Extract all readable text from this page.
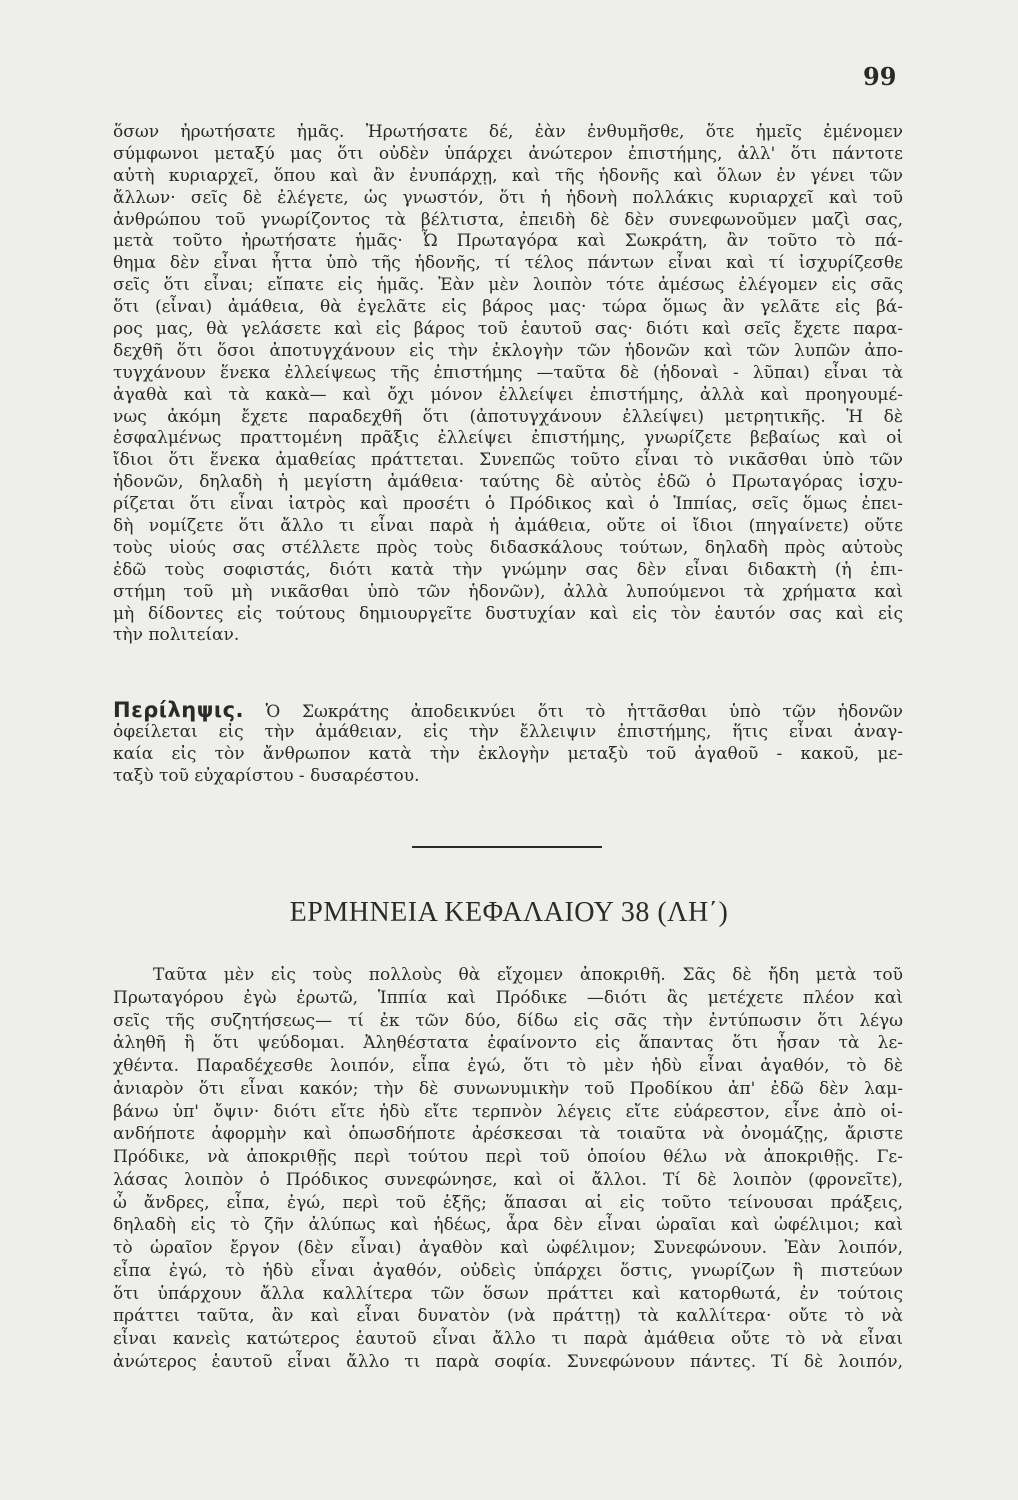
99
ὅσων ἠρωτήσατε ἡμᾶς. Ἠρωτήσατε δέ, ἐὰν ἐνθυμῆσθε, ὅτε ἡμεῖς ἐμένομεν
σύμφωνοι μεταξύ μας ὅτι οὐδὲν ὑπάρχει ἀνώτερον ἐπιστήμης, ἀλλ' ὅτι πάντοτε
αὐτὴ κυριαρχεῖ, ὅπου καὶ ἂν ἐνυπάρχῃ, καὶ τῆς ἡδονῆς καὶ ὅλων ἐν γένει τῶν
ἄλλων· σεῖς δὲ ἐλέγετε, ὡς γνωστόν, ὅτι ἡ ἡδονὴ πολλάκις κυριαρχεῖ καὶ τοῦ
ἀνθρώπου τοῦ γνωρίζοντος τὰ βέλτιστα, ἐπειδὴ δὲ δὲν συνεφωνοῦμεν μαζὶ σας,
μετὰ τοῦτο ἠρωτήσατε ἡμᾶς· Ὦ Πρωταγόρα καὶ Σωκράτη, ἂν τοῦτο τὸ πά-
θημα δὲν εἶναι ἧττα ὑπὸ τῆς ἡδονῆς, τί τέλος πάντων εἶναι καὶ τί ἰσχυρίζεσθε
σεῖς ὅτι εἶναι; εἴπατε εἰς ἡμᾶς. Ἐὰν μὲν λοιπὸν τότε ἀμέσως ἐλέγομεν εἰς σᾶς
ὅτι (εἶναι) ἀμάθεια, θὰ ἐγελᾶτε εἰς βάρος μας· τώρα ὅμως ἂν γελᾶτε εἰς βά-
ρος μας, θὰ γελάσετε καὶ εἰς βάρος τοῦ ἑαυτοῦ σας· διότι καὶ σεῖς ἔχετε παρα-
δεχθῆ ὅτι ὅσοι ἀποτυγχάνουν εἰς τὴν ἐκλογὴν τῶν ἡδονῶν καὶ τῶν λυπῶν ἀπο-
τυγχάνουν ἕνεκα ἐλλείψεως τῆς ἐπιστήμης —ταῦτα δὲ (ἡδοναὶ - λῦπαι) εἶναι τὰ
ἀγαθὰ καὶ τὰ κακὰ— καὶ ὄχι μόνον ἐλλείψει ἐπιστήμης, ἀλλὰ καὶ προηγουμέ-
νως ἀκόμη ἔχετε παραδεχθῆ ὅτι (ἀποτυγχάνουν ἐλλείψει) μετρητικῆς. Ἡ δὲ
ἐσφαλμένως πραττομένη πρᾶξις ἐλλείψει ἐπιστήμης, γνωρίζετε βεβαίως καὶ οἱ
ἴδιοι ὅτι ἕνεκα ἀμαθείας πράττεται. Συνεπῶς τοῦτο εἶναι τὸ νικᾶσθαι ὑπὸ τῶν
ἡδονῶν, δηλαδὴ ἡ μεγίστη ἀμάθεια· ταύτης δὲ αὐτὸς ἐδῶ ὁ Πρωταγόρας ἰσχυ-
ρίζεται ὅτι εἶναι ἰατρὸς καὶ προσέτι ὁ Πρόδικος καὶ ὁ Ἱππίας, σεῖς ὅμως ἐπει-
δὴ νομίζετε ὅτι ἄλλο τι εἶναι παρὰ ἡ ἀμάθεια, οὔτε οἱ ἴδιοι (πηγαίνετε) οὔτε
τοὺς υἱούς σας στέλλετε πρὸς τοὺς διδασκάλους τούτων, δηλαδὴ πρὸς αὐτοὺς
ἐδῶ τοὺς σοφιστάς, διότι κατὰ τὴν γνώμην σας δὲν εἶναι διδακτὴ (ἡ ἐπι-
στήμη τοῦ μὴ νικᾶσθαι ὑπὸ τῶν ἡδονῶν), ἀλλὰ λυπούμενοι τὰ χρήματα καὶ
μὴ δίδοντες εἰς τούτους δημιουργεῖτε δυστυχίαν καὶ εἰς τὸν ἑαυτόν σας καὶ εἰς
τὴν πολιτείαν.
Περίληψις. Ὁ Σωκράτης ἀποδεικνύει ὅτι τὸ ἡττᾶσθαι ὑπὸ τῶν ἡδονῶν
ὀφείλεται εἰς τὴν ἀμάθειαν, εἰς τὴν ἔλλειψιν ἐπιστήμης, ἥτις εἶναι ἀναγ-
καία εἰς τὸν ἄνθρωπον κατὰ τὴν ἐκλογὴν μεταξὺ τοῦ ἀγαθοῦ - κακοῦ, με-
ταξὺ τοῦ εὐχαρίστου - δυσαρέστου.
ΕΡΜΗΝΕΙΑ ΚΕΦΑΛΑΙΟΥ 38 (ΛΗ΄)
Ταῦτα μὲν εἰς τοὺς πολλοὺς θὰ εἴχομεν ἀποκριθῆ. Σᾶς δὲ ἤδη μετὰ τοῦ
Πρωταγόρου ἐγὼ ἐρωτῶ, Ἱππία καὶ Πρόδικε —διότι ἂς μετέχετε πλέον καὶ
σεῖς τῆς συζητήσεως— τί ἐκ τῶν δύο, δίδω εἰς σᾶς τὴν ἐντύπωσιν ὅτι λέγω
ἀληθῆ ἢ ὅτι ψεύδομαι. Ἀληθέστατα ἐφαίνοντο εἰς ἅπαντας ὅτι ἦσαν τὰ λε-
χθέντα. Παραδέχεσθε λοιπόν, εἶπα ἐγώ, ὅτι τὸ μὲν ἡδὺ εἶναι ἀγαθόν, τὸ δὲ
ἀνιαρὸν ὅτι εἶναι κακόν; τὴν δὲ συνωνυμικὴν τοῦ Προδίκου ἀπ' ἐδῶ δὲν λαμ-
βάνω ὑπ' ὄψιν· διότι εἴτε ἡδὺ εἴτε τερπνὸν λέγεις εἴτε εὐάρεστον, εἶνε ἀπὸ οἱ-
ανδήποτε ἀφορμὴν καὶ ὁπωσδήποτε ἀρέσκεσαι τὰ τοιαῦτα νὰ ὀνομάζῃς, ἄριστε
Πρόδικε, νὰ ἀποκριθῇς περὶ τούτου περὶ τοῦ ὁποίου θέλω νὰ ἀποκριθῇς. Γε-
λάσας λοιπὸν ὁ Πρόδικος συνεφώνησε, καὶ οἱ ἄλλοι. Τί δὲ λοιπὸν (φρονεῖτε),
ὦ ἄνδρες, εἶπα, ἐγώ, περὶ τοῦ ἑξῆς; ἅπασαι αἱ εἰς τοῦτο τείνουσαι πράξεις,
δηλαδὴ εἰς τὸ ζῆν ἀλύπως καὶ ἡδέως, ἆρα δὲν εἶναι ὡραῖαι καὶ ὠφέλιμοι; καὶ
τὸ ὡραῖον ἔργον (δὲν εἶναι) ἀγαθὸν καὶ ὠφέλιμον; Συνεφώνουν. Ἐὰν λοιπόν,
εἶπα ἐγώ, τὸ ἡδὺ εἶναι ἀγαθόν, οὐδεὶς ὑπάρχει ὅστις, γνωρίζων ἢ πιστεύων
ὅτι ὑπάρχουν ἄλλα καλλίτερα τῶν ὅσων πράττει καὶ κατορθωτά, ἐν τούτοις
πράττει ταῦτα, ἂν καὶ εἶναι δυνατὸν (νὰ πράττῃ) τὰ καλλίτερα· οὔτε τὸ νὰ
εἶναι κανεὶς κατώτερος ἑαυτοῦ εἶναι ἄλλο τι παρὰ ἀμάθεια οὔτε τὸ νὰ εἶναι
ἀνώτερος ἑαυτοῦ εἶναι ἄλλο τι παρὰ σοφία. Συνεφώνουν πάντες. Τί δὲ λοιπόν,
